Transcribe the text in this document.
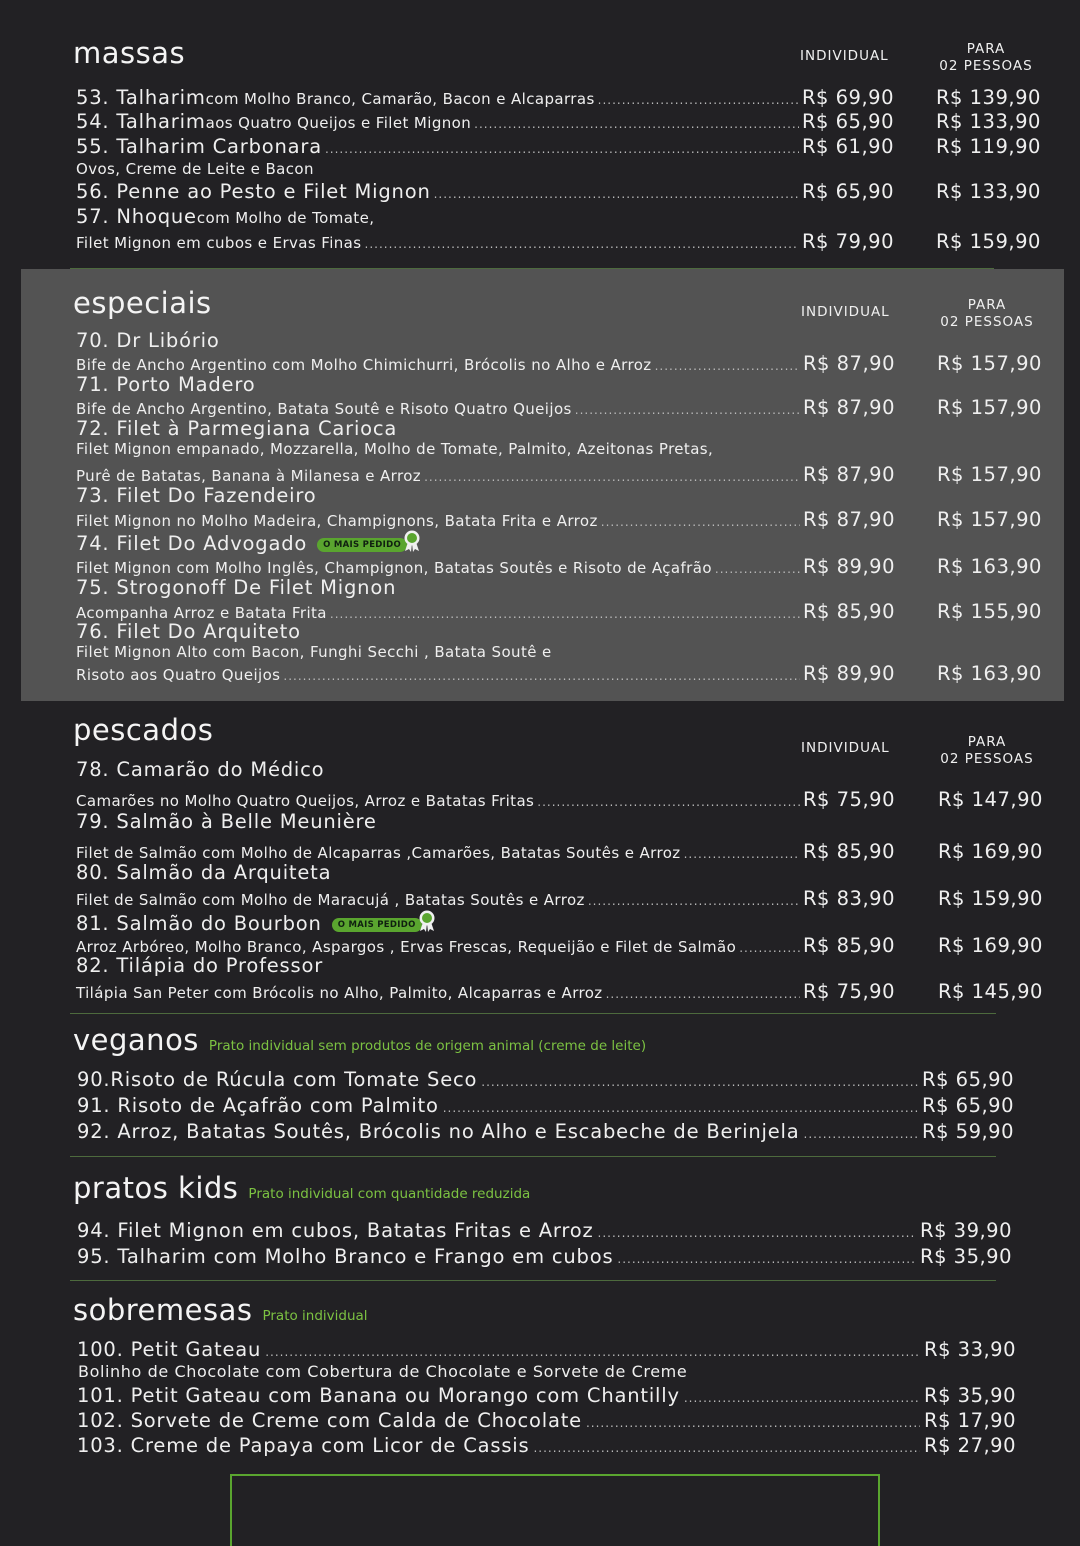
massas	INDIVIDUAL	PARA
02 PESSOAS
53.
Talharim com Molho Branco, Camarão, Bacon e Alcaparras .....	R$ 69,90	R$ 139,90
54.
Talharim aos Quatro Queijos e Filet Mignon .....	R$ 65,90	R$ 133,90
55.
Talharim Carbonara .....	R$ 61,90	R$ 119,90
Ovos, Creme de Leite e Bacon
56.
Penne ao Pesto e Filet Mignon .....	R$ 65,90	R$ 133,90
57.
Nhoque com Molho de Tomate,
Filet Mignon em cubos e Ervas Finas .....	R$ 79,90	R$ 159,90
especiais	INDIVIDUAL	PARA
02 PESSOAS
70. Dr Libório
Bife de Ancho Argentino com Molho Chimichurri, Brócolis no Alho e Arroz .....	R$ 87,90	R$ 157,90
71. Porto Madero
Bife de Ancho Argentino, Batata Soutê e Risoto Quatro Queijos .....	R$ 87,90	R$ 157,90
72. Filet à Parmegiana Carioca
Filet Mignon empanado, Mozzarella, Molho de Tomate, Palmito, Azeitonas Pretas,
Purê de Batatas, Banana à Milanesa e Arroz .....	R$ 87,90	R$ 157,90
73. Filet Do Fazendeiro
Filet Mignon no Molho Madeira, Champignons, Batata Frita e Arroz .....	R$ 87,90	R$ 157,90
74. Filet Do Advogado	O MAIS PEDIDO
Filet Mignon com Molho Inglês, Champignon, Batatas Soutês e Risoto de Açafrão .....	R$ 89,90	R$ 163,90
75. Strogonoff De Filet Mignon
Acompanha Arroz e Batata Frita .....	R$ 85,90	R$ 155,90
76. Filet Do Arquiteto
Filet Mignon Alto com Bacon, Funghi Secchi , Batata Soutê e
Risoto aos Quatro Queijos .....	R$ 89,90	R$ 163,90
pescados
INDIVIDUAL	PARA
02 PESSOAS
78. Camarão do Médico
Camarões no Molho Quatro Queijos, Arroz e Batatas Fritas .....	R$ 75,90	R$ 147,90
79. Salmão à Belle Meunière
Filet de Salmão com Molho de Alcaparras ,Camarões, Batatas Soutês e Arroz .....	R$ 85,90	R$ 169,90
80. Salmão da Arquiteta
Filet de Salmão com Molho de Maracujá , Batatas Soutês e Arroz .....	R$ 83,90	R$ 159,90
81. Salmão do Bourbon	O MAIS PEDIDO
Arroz Arbóreo, Molho Branco, Aspargos , Ervas Frescas, Requeijão e Filet de Salmão .....	R$ 85,90	R$ 169,90
82. Tilápia do Professor
Tilápia San Peter com Brócolis no Alho, Palmito, Alcaparras e Arroz .....	R$ 75,90	R$ 145,90
veganos Prato individual sem produtos de origem animal (creme de leite)
90.Risoto de Rúcula com Tomate Seco .....	R$ 65,90
91. Risoto de Açafrão com Palmito .....	R$ 65,90
92. Arroz, Batatas Soutês, Brócolis no Alho e Escabeche de Berinjela .....	R$ 59,90
pratos kids Prato individual com quantidade reduzida
94. Filet Mignon em cubos, Batatas Fritas e Arroz .....	R$ 39,90
95. Talharim com Molho Branco e Frango em cubos .....	R$ 35,90
sobremesas Prato individual
100. Petit Gateau .....	R$ 33,90
Bolinho de Chocolate com Cobertura de Chocolate e Sorvete de Creme
101. Petit Gateau com Banana ou Morango com Chantilly .....	R$ 35,90
102. Sorvete de Creme com Calda de Chocolate .....	R$ 17,90
103. Creme de Papaya com Licor de Cassis .....	R$ 27,90
